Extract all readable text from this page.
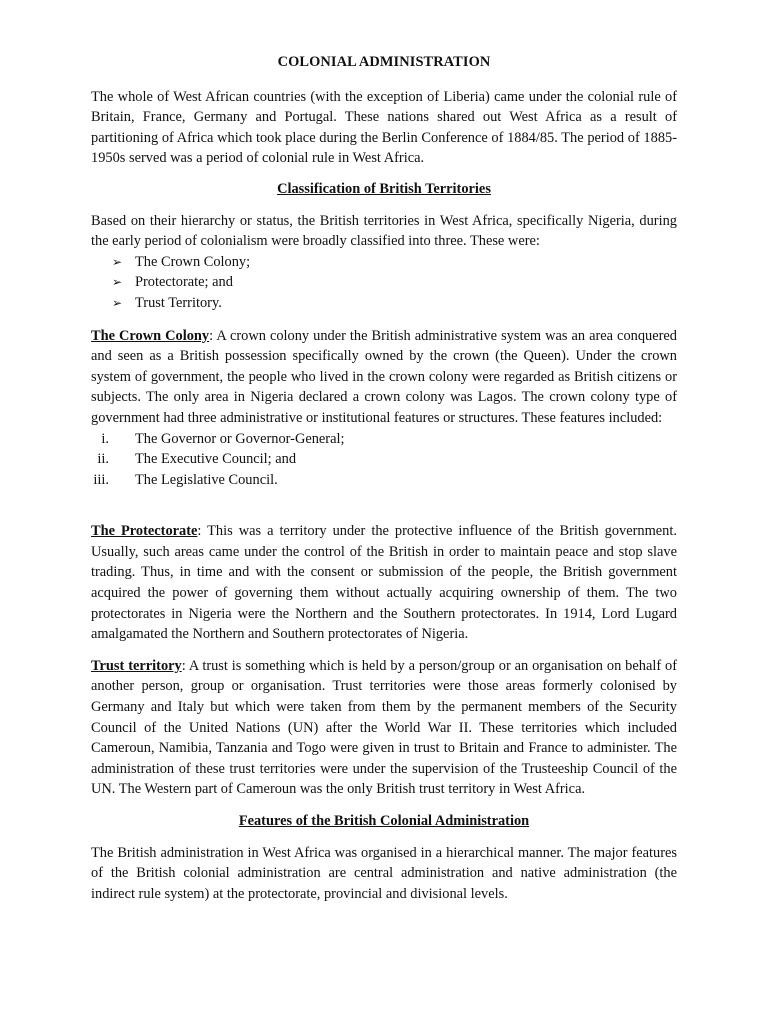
COLONIAL ADMINISTRATION

The whole of West African countries (with the exception of Liberia) came under the colonial rule of Britain, France, Germany and Portugal. These nations shared out West Africa as a result of partitioning of Africa which took place during the Berlin Conference of 1884/85. The period of 1885-1950s served was a period of colonial rule in West Africa.

Classification of British Territories

Based on their hierarchy or status, the British territories in West Africa, specifically Nigeria, during the early period of colonialism were broadly classified into three. These were:

➢ The Crown Colony;
➢ Protectorate; and
➢ Trust Territory.

The Crown Colony: A crown colony under the British administrative system was an area conquered and seen as a British possession specifically owned by the crown (the Queen). Under the crown system of government, the people who lived in the crown colony were regarded as British citizens or subjects. The only area in Nigeria declared a crown colony was Lagos. The crown colony type of government had three administrative or institutional features or structures. These features included:

i. The Governor or Governor-General;
ii. The Executive Council; and
iii. The Legislative Council.

The Protectorate: This was a territory under the protective influence of the British government. Usually, such areas came under the control of the British in order to maintain peace and stop slave trading. Thus, in time and with the consent or submission of the people, the British government acquired the power of governing them without actually acquiring ownership of them. The two protectorates in Nigeria were the Northern and the Southern protectorates. In 1914, Lord Lugard amalgamated the Northern and Southern protectorates of Nigeria.

Trust territory: A trust is something which is held by a person/group or an organisation on behalf of another person, group or organisation. Trust territories were those areas formerly colonised by Germany and Italy but which were taken from them by the permanent members of the Security Council of the United Nations (UN) after the World War II. These territories which included Cameroun, Namibia, Tanzania and Togo were given in trust to Britain and France to administer. The administration of these trust territories were under the supervision of the Trusteeship Council of the UN. The Western part of Cameroun was the only British trust territory in West Africa.

Features of the British Colonial Administration

The British administration in West Africa was organised in a hierarchical manner. The major features of the British colonial administration are central administration and native administration (the indirect rule system) at the protectorate, provincial and divisional levels.
